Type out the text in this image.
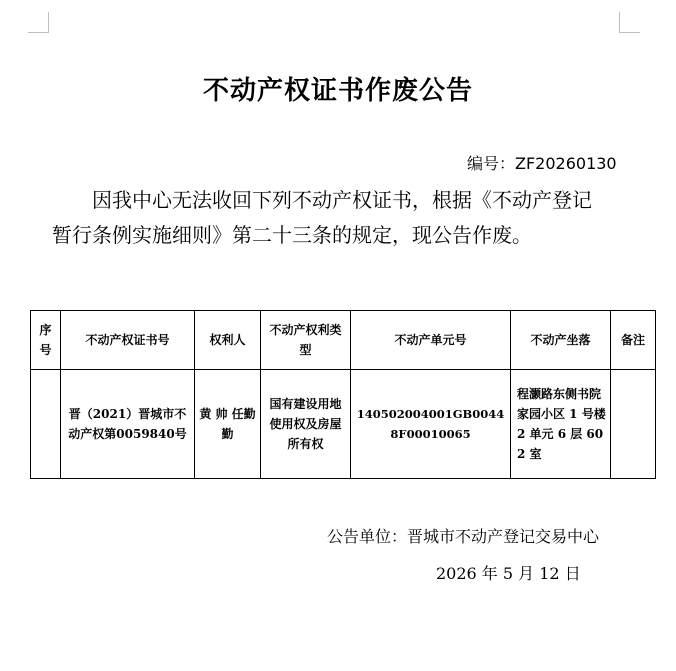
不动产权证书作废公告
编号：ZF20260130
因我中心无法收回下列不动产权证书，根据《不动产登记
暂行条例实施细则》第二十三条的规定，现公告作废。
序号	不动产权证书号	权利人	不动产权利类型	不动产单元号	不动产坐落	备注
	晋（2021）晋城市不动产权第0059840号	黄 帅 任勤勤	国有建设用地使用权及房屋所有权	140502004001GB00448F00010065	程灏路东侧书院家园小区 1 号楼 2 单元 6 层 602 室	
公告单位：晋城市不动产登记交易中心
2026 年 5 月 12 日
